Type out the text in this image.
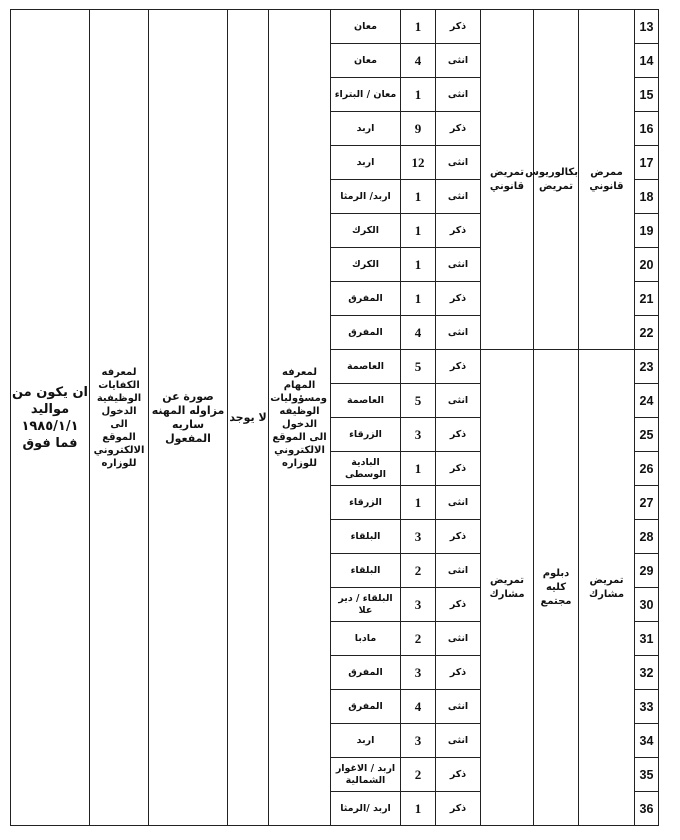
13	ممرض قانوني	بكالوريوس تمريض	تمريض قانوني	ذكر	1	معان	لمعرفه المهام ومسؤوليات الوظيفه الدخول الى الموقع الالكتروني للوزاره	لا يوجد	صورة عن مزاوله المهنه ساريه المفعول	لمعرفه الكفايات الوظيفية الدخول الى الموقع الالكتروني للوزاره	ان يكون من مواليد ١٩٨٥/١/١ فما فوق
14				انثى	4	معان					
15				انثى	1	معان / البتراء					
16				ذكر	9	اربد					
17				انثى	12	اربد					
18				انثى	1	اربد/ الرمثا					
19				ذكر	1	الكرك					
20				انثى	1	الكرك					
21				ذكر	1	المفرق					
22				انثى	4	المفرق					
23	تمريض مشارك	دبلوم كليه مجتمع	تمريض مشارك	ذكر	5	العاصمة					
24				انثى	5	العاصمة					
25				ذكر	3	الزرقاء					
26				ذكر	1	البادية الوسطى					
27				انثى	1	الزرقاء					
28				ذكر	3	البلقاء					
29				انثى	2	البلقاء					
30				ذكر	3	البلقاء / دير علا					
31				انثى	2	مادبا					
32				ذكر	3	المفرق					
33				انثى	4	المفرق					
34				انثى	3	اربد					
35				ذكر	2	اربد / الاغوار الشمالية					
36				ذكر	1	اربد /الرمثا					
